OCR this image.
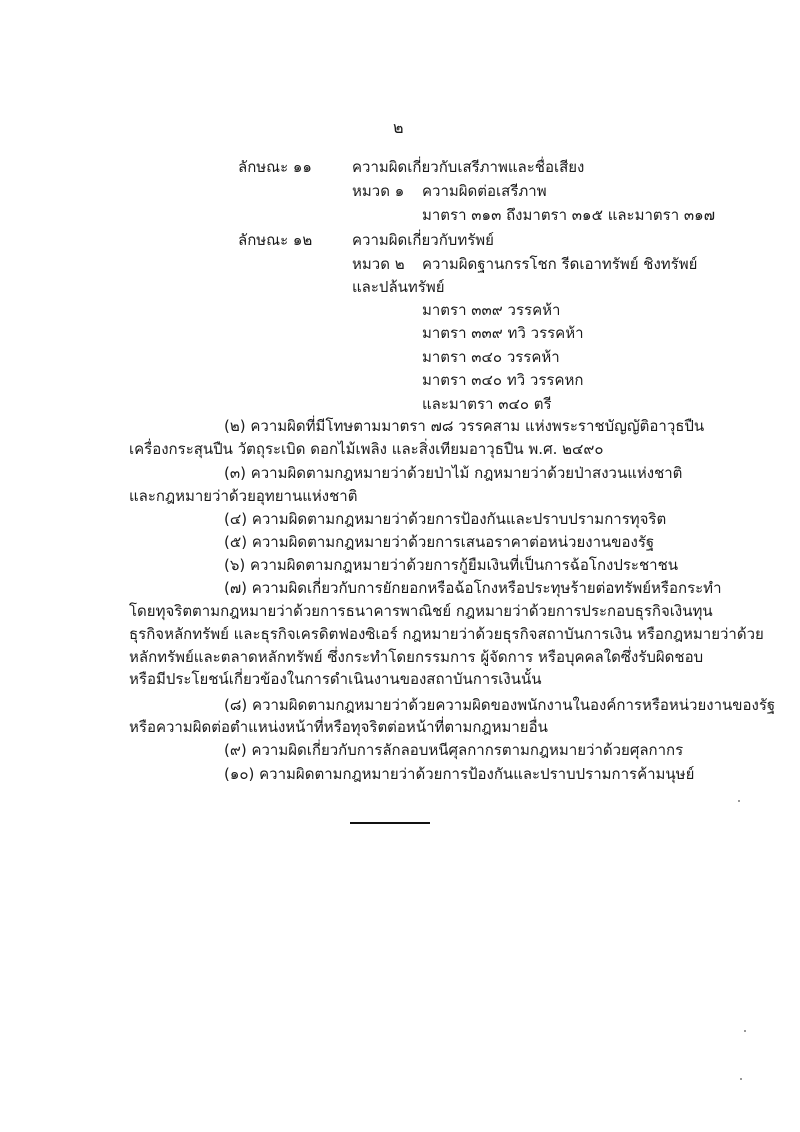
๒
ลักษณะ ๑๑	ความผิดเกี่ยวกับเสรีภาพและชื่อเสียง
หมวด ๑ ความผิดต่อเสรีภาพ
มาตรา ๓๑๓ ถึงมาตรา ๓๑๕ และมาตรา ๓๑๗
ลักษณะ ๑๒	ความผิดเกี่ยวกับทรัพย์
หมวด ๒ ความผิดฐานกรรโชก รีดเอาทรัพย์ ชิงทรัพย์
และปล้นทรัพย์
มาตรา ๓๓๙ วรรคห้า
มาตรา ๓๓๙ ทวิ วรรคห้า
มาตรา ๓๔๐ วรรคห้า
มาตรา ๓๔๐ ทวิ วรรคหก
และมาตรา ๓๔๐ ตรี
(๒) ความผิดที่มีโทษตามมาตรา ๗๘ วรรคสาม แห่งพระราชบัญญัติอาวุธปืน
เครื่องกระสุนปืน วัตถุระเบิด ดอกไม้เพลิง และสิ่งเทียมอาวุธปืน พ.ศ. ๒๔๙๐
(๓) ความผิดตามกฎหมายว่าด้วยป่าไม้ กฎหมายว่าด้วยป่าสงวนแห่งชาติ
และกฎหมายว่าด้วยอุทยานแห่งชาติ
(๔) ความผิดตามกฎหมายว่าด้วยการป้องกันและปราบปรามการทุจริต
(๕) ความผิดตามกฎหมายว่าด้วยการเสนอราคาต่อหน่วยงานของรัฐ
(๖) ความผิดตามกฎหมายว่าด้วยการกู้ยืมเงินที่เป็นการฉ้อโกงประชาชน
(๗) ความผิดเกี่ยวกับการยักยอกหรือฉ้อโกงหรือประทุษร้ายต่อทรัพย์หรือกระทำ
โดยทุจริตตามกฎหมายว่าด้วยการธนาคารพาณิชย์ กฎหมายว่าด้วยการประกอบธุรกิจเงินทุน
ธุรกิจหลักทรัพย์ และธุรกิจเครดิตฟองซิเอร์ กฎหมายว่าด้วยธุรกิจสถาบันการเงิน หรือกฎหมายว่าด้วย
หลักทรัพย์และตลาดหลักทรัพย์ ซึ่งกระทำโดยกรรมการ ผู้จัดการ หรือบุคคลใดซึ่งรับผิดชอบ
หรือมีประโยชน์เกี่ยวข้องในการดำเนินงานของสถาบันการเงินนั้น
(๘) ความผิดตามกฎหมายว่าด้วยความผิดของพนักงานในองค์การหรือหน่วยงานของรัฐ
หรือความผิดต่อตำแหน่งหน้าที่หรือทุจริตต่อหน้าที่ตามกฎหมายอื่น
(๙) ความผิดเกี่ยวกับการลักลอบหนีศุลกากรตามกฎหมายว่าด้วยศุลกากร
(๑๐) ความผิดตามกฎหมายว่าด้วยการป้องกันและปราบปรามการค้ามนุษย์
